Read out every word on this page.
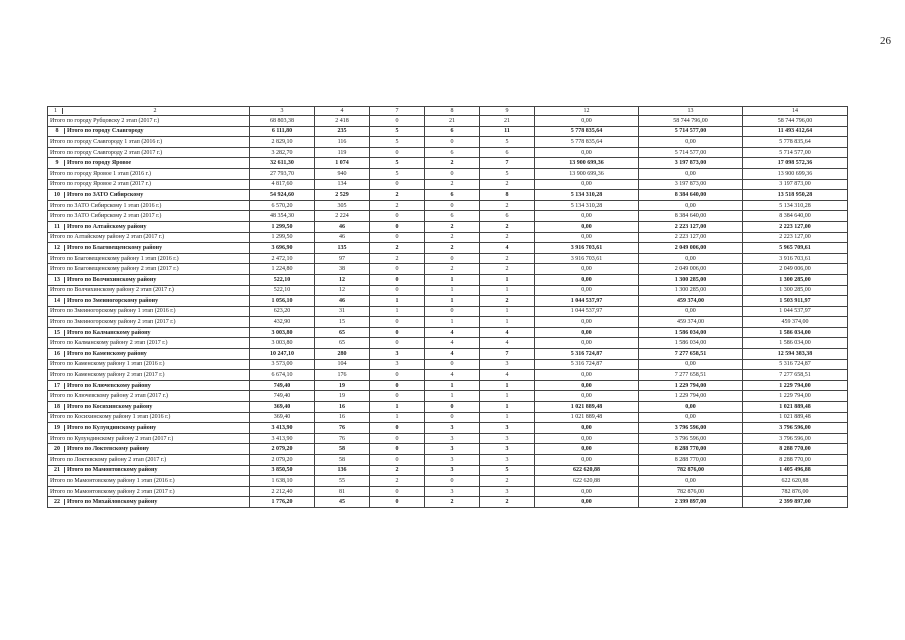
26
1 2	3	4	7	8	9	12	13	14
Итого по городу Рубцовску 2 этап (2017 г.)	68 803,38	2 418	0	21	21	0,00	58 744 796,00	58 744 796,00
8 Итого по городу Славгороду	6 111,80	235	5	6	11	5 778 835,64	5 714 577,00	11 493 412,64
Итого по городу Славгороду 1 этап (2016 г.)	2 829,10	116	5	0	5	5 778 835,64	0,00	5 778 835,64
Итого по городу Славгороду 2 этап (2017 г.)	3 282,70	119	0	6	6	0,00	5 714 577,00	5 714 577,00
9 Итого по городу Яровое	32 611,30	1 074	5	2	7	13 900 699,36	3 197 873,00	17 098 572,36
Итого по городу Яровое 1 этап (2016 г.)	27 793,70	940	5	0	5	13 900 699,36	0,00	13 900 699,36
Итого по городу Яровое 2 этап (2017 г.)	4 817,60	134	0	2	2	0,00	3 197 873,00	3 197 873,00
10 Итого по ЗАТО Сибирскому	54 924,60	2 529	2	6	8	5 134 310,28	8 384 640,00	13 518 950,28
Итого по ЗАТО Сибирскому 1 этап (2016 г.)	6 570,20	305	2	0	2	5 134 310,28	0,00	5 134 310,28
Итого по ЗАТО Сибирскому 2 этап (2017 г.)	48 354,30	2 224	0	6	6	0,00	8 384 640,00	8 384 640,00
11 Итого по Алтайскому району	1 299,50	46	0	2	2	0,00	2 223 127,00	2 223 127,00
Итого по Алтайскому району 2 этап (2017 г.)	1 299,50	46	0	2	2	0,00	2 223 127,00	2 223 127,00
12 Итого по Благовещенскому району	3 696,90	135	2	2	4	3 916 703,61	2 049 006,00	5 965 709,61
Итого по Благовещенскому району 1 этап (2016 г.)	2 472,10	97	2	0	2	3 916 703,61	0,00	3 916 703,61
Итого по Благовещенскому району 2 этап (2017 г.)	1 224,80	38	0	2	2	0,00	2 049 006,00	2 049 006,00
13 Итого по Волчихинскому району	522,10	12	0	1	1	0,00	1 300 285,00	1 300 285,00
Итого по Волчихинскому району 2 этап (2017 г.)	522,10	12	0	1	1	0,00	1 300 285,00	1 300 285,00
14 Итого по Змеиногорскому району	1 056,10	46	1	1	2	1 044 537,97	459 374,00	1 503 911,97
Итого по Змеиногорскому району 1 этап (2016 г.)	623,20	31	1	0	1	1 044 537,97	0,00	1 044 537,97
Итого по Змеиногорскому району 2 этап (2017 г.)	432,90	15	0	1	1	0,00	459 374,00	459 374,00
15 Итого по Калманскому району	3 003,80	65	0	4	4	0,00	1 586 034,00	1 586 034,00
Итого по Калманскому району 2 этап (2017 г.)	3 003,80	65	0	4	4	0,00	1 586 034,00	1 586 034,00
16 Итого по Каменскому району	10 247,10	280	3	4	7	5 316 724,87	7 277 658,51	12 594 383,38
Итого по Каменскому району 1 этап (2016 г.)	3 573,00	104	3	0	3	5 316 724,87	0,00	5 316 724,87
Итого по Каменскому району 2 этап (2017 г.)	6 674,10	176	0	4	4	0,00	7 277 658,51	7 277 658,51
17 Итого по Ключевскому району	749,40	19	0	1	1	0,00	1 229 794,00	1 229 794,00
Итого по Ключевскому району 2 этап (2017 г.)	749,40	19	0	1	1	0,00	1 229 794,00	1 229 794,00
18 Итого по Косихинскому району	369,40	16	1	0	1	1 021 889,48	0,00	1 021 889,48
Итого по Косихинскому району 1 этап (2016 г.)	369,40	16	1	0	1	1 021 889,48	0,00	1 021 889,48
19 Итого по Кулундинскому району	3 413,90	76	0	3	3	0,00	3 796 596,00	3 796 596,00
Итого по Кулундинскому району 2 этап (2017 г.)	3 413,90	76	0	3	3	0,00	3 796 596,00	3 796 596,00
20 Итого по Локтевскому району	2 079,20	58	0	3	3	0,00	8 288 770,00	8 288 770,00
Итого по Локтевскому району 2 этап (2017 г.)	2 079,20	58	0	3	3	0,00	8 288 770,00	8 288 770,00
21 Итого по Мамонтовскому району	3 850,50	136	2	3	5	622 620,88	782 876,00	1 405 496,88
Итого по Мамонтовскому району 1 этап (2016 г.)	1 638,10	55	2	0	2	622 620,88	0,00	622 620,88
Итого по Мамонтовскому району 2 этап (2017 г.)	2 212,40	81	0	3	3	0,00	782 876,00	782 876,00
22 Итого по Михайловскому району	1 776,20	45	0	2	2	0,00	2 399 897,00	2 399 897,00
